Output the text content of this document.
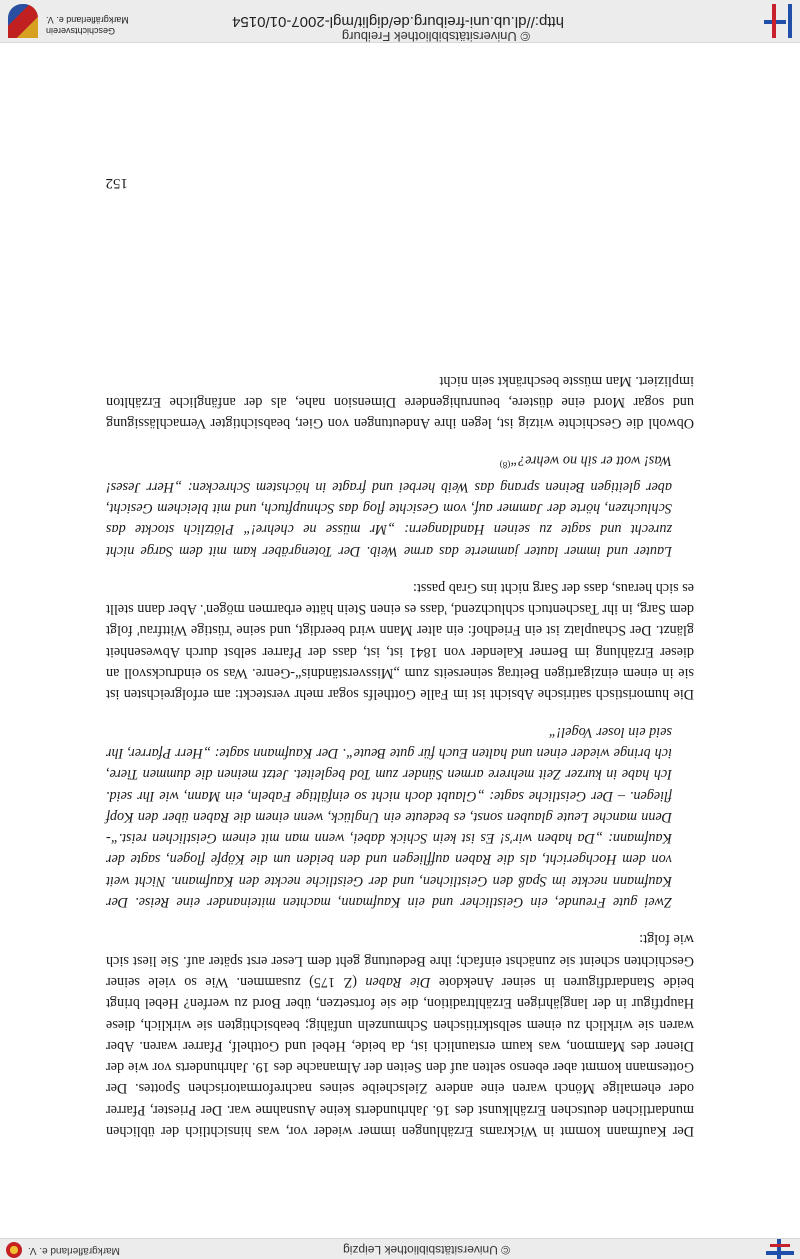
© Universitätsbibliothek Leipzig
Markgräflerland e. V.

Der Kaufmann kommt in Wickrams Erzählungen immer wieder vor, was hinsichtlich der üblichen mundartlichen deutschen Erzählkunst des 16. Jahrhunderts keine Ausnahme war. Der Priester, Pfarrer oder ehemalige Mönch waren eine andere Zielscheibe seines nachreformatorischen Spottes. Der Gottesmann kommt aber ebenso selten auf den Seiten der Almanache des 19. Jahrhunderts vor wie der Diener des Mammon, was kaum erstaunlich ist, da beide, Hebel und Gotthelf, Pfarrer waren. Aber waren sie wirklich zu einem selbstkritischen Schmunzeln unfähig; beabsichtigten sie wirklich, diese Hauptfigur in der langjährigen Erzähltradition, die sie fortsetzen, über Bord zu werfen? Hebel bringt beide Standardfiguren in seiner Anekdote Die Raben (Z 175) zusammen. Wie so viele seiner Geschichten scheint sie zunächst einfach; ihre Bedeutung geht dem Leser erst später auf. Sie liest sich wie folgt:

Zwei gute Freunde, ein Geistlicher und ein Kaufmann, machten miteinander eine Reise. Der Kaufmann neckte im Spaß den Geistlichen, und der Geistliche neckte den Kaufmann. Nicht weit von dem Hochgericht, als die Raben auffliegen und den beiden um die Köpfe flogen, sagte der Kaufmann: „Da haben wir's! Es ist kein Schick dabei, wenn man mit einem Geistlichen reist.“- Denn manche Leute glauben sonst, es bedeute ein Unglück, wenn einem die Raben über den Kopf fliegen. – Der Geistliche sagte: „Glaubt doch nicht so einfältige Fabeln, ein Mann, wie Ihr seid. Ich habe in kurzer Zeit mehrere armen Sünder zum Tod begleitet. Jetzt meinen die dummen Tiere, ich bringe wieder einen und halten Euch für gute Beute“. Der Kaufmann sagte: „Herr Pfarrer, Ihr seid ein loser Vogel!“

Die humoristisch satirische Absicht ist im Falle Gotthelfs sogar mehr versteckt: am erfolgreichsten ist sie in einem einzigartigen Beitrag seinerseits zum „Missverständnis“-Genre. Was so eindrucksvoll an dieser Erzählung im Berner Kalender von 1841 ist, ist, dass der Pfarrer selbst durch Abwesenheit glänzt. Der Schauplatz ist ein Friedhof: ein alter Mann wird beerdigt, und seine 'rüstige Wittfrau' folgt dem Sarg, in ihr Taschentuch schluchzend, 'dass es einen Stein hätte erbarmen mögen'. Aber dann stellt es sich heraus, dass der Sarg nicht ins Grab passt:

Lauter und immer lauter jammerte das arme Weib. Der Totengräber kam mit dem Sarge nicht zurecht und sagte zu seinen Handlangern: „Mr müsse ne chehre!“ Plötzlich stockte das Schluchzen, hörte der Jammer auf, vom Gesichte flog das Schnupftuch, und mit bleichem Gesicht, aber gleitigen Beinen sprang das Weib herbei und fragte in höchstem Schrecken: „Herr Jeses! Was! wott er sih no wehre?“$^{(8)}$

Obwohl die Geschichte witzig ist, legen ihre Andeutungen von Gier, beabsichtigter Vernachlässigung und sogar Mord eine düstere, beunruhigendere Dimension nahe, als der anfängliche Erzählton impliziert. Man müsste beschränkt sein nicht

152
© Universitätsbibliothek Freiburg
http://dl.ub.uni-freiburg.de/diglit/mgl-2007-01/0154
Geschichtsverein
Markgräflerland e. V.
